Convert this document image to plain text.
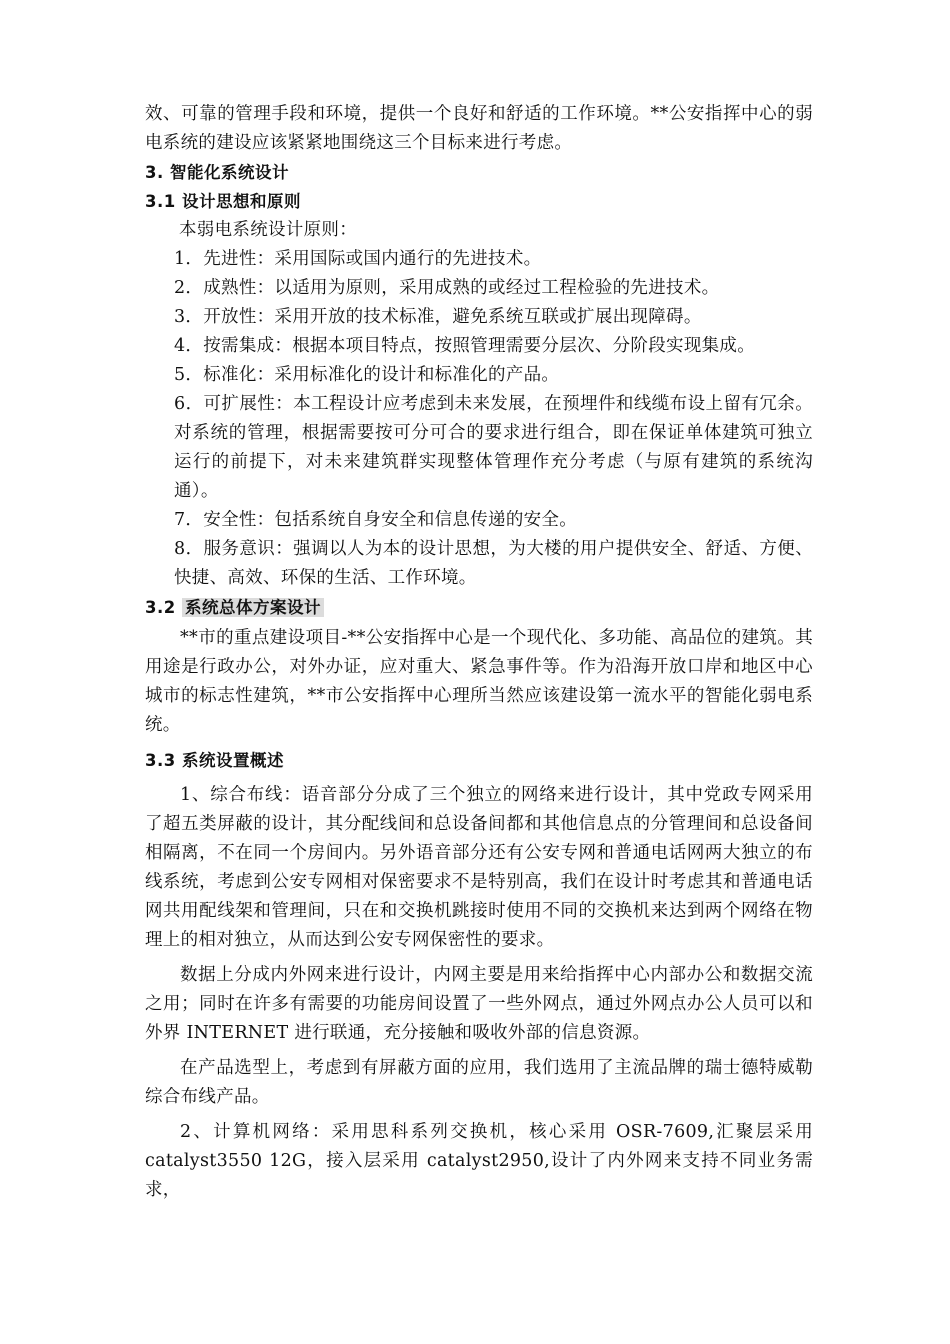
效、可靠的管理手段和环境，提供一个良好和舒适的工作环境。**公安指挥中心的弱电系统的建设应该紧紧地围绕这三个目标来进行考虑。

3. 智能化系统设计
3.1 设计思想和原则

本弱电系统设计原则：

1．先进性：采用国际或国内通行的先进技术。

2．成熟性：以适用为原则，采用成熟的或经过工程检验的先进技术。

3．开放性：采用开放的技术标准，避免系统互联或扩展出现障碍。

4．按需集成：根据本项目特点，按照管理需要分层次、分阶段实现集成。

5．标准化：采用标准化的设计和标准化的产品。

6．可扩展性：本工程设计应考虑到未来发展，在预埋件和线缆布设上留有冗余。对系统的管理，根据需要按可分可合的要求进行组合，即在保证单体建筑可独立运行的前提下，对未来建筑群实现整体管理作充分考虑（与原有建筑的系统沟通）。

7．安全性：包括系统自身安全和信息传递的安全。

8．服务意识：强调以人为本的设计思想，为大楼的用户提供安全、舒适、方便、快捷、高效、环保的生活、工作环境。

3.2 系统总体方案设计

**市的重点建设项目-**公安指挥中心是一个现代化、多功能、高品位的建筑。其用途是行政办公，对外办证，应对重大、紧急事件等。作为沿海开放口岸和地区中心城市的标志性建筑，**市公安指挥中心理所当然应该建设第一流水平的智能化弱电系统。

3.3 系统设置概述

1、综合布线：语音部分分成了三个独立的网络来进行设计，其中党政专网采用了超五类屏蔽的设计，其分配线间和总设备间都和其他信息点的分管理间和总设备间相隔离，不在同一个房间内。另外语音部分还有公安专网和普通电话网两大独立的布线系统，考虑到公安专网相对保密要求不是特别高，我们在设计时考虑其和普通电话网共用配线架和管理间，只在和交换机跳接时使用不同的交换机来达到两个网络在物理上的相对独立，从而达到公安专网保密性的要求。

数据上分成内外网来进行设计，内网主要是用来给指挥中心内部办公和数据交流之用；同时在许多有需要的功能房间设置了一些外网点，通过外网点办公人员可以和外界 INTERNET 进行联通，充分接触和吸收外部的信息资源。

在产品选型上，考虑到有屏蔽方面的应用，我们选用了主流品牌的瑞士德特威勒综合布线产品。

2、计算机网络：采用思科系列交换机，核心采用 OSR-7609,汇聚层采用 catalyst3550 12G，接入层采用 catalyst2950,设计了内外网来支持不同业务需求，
